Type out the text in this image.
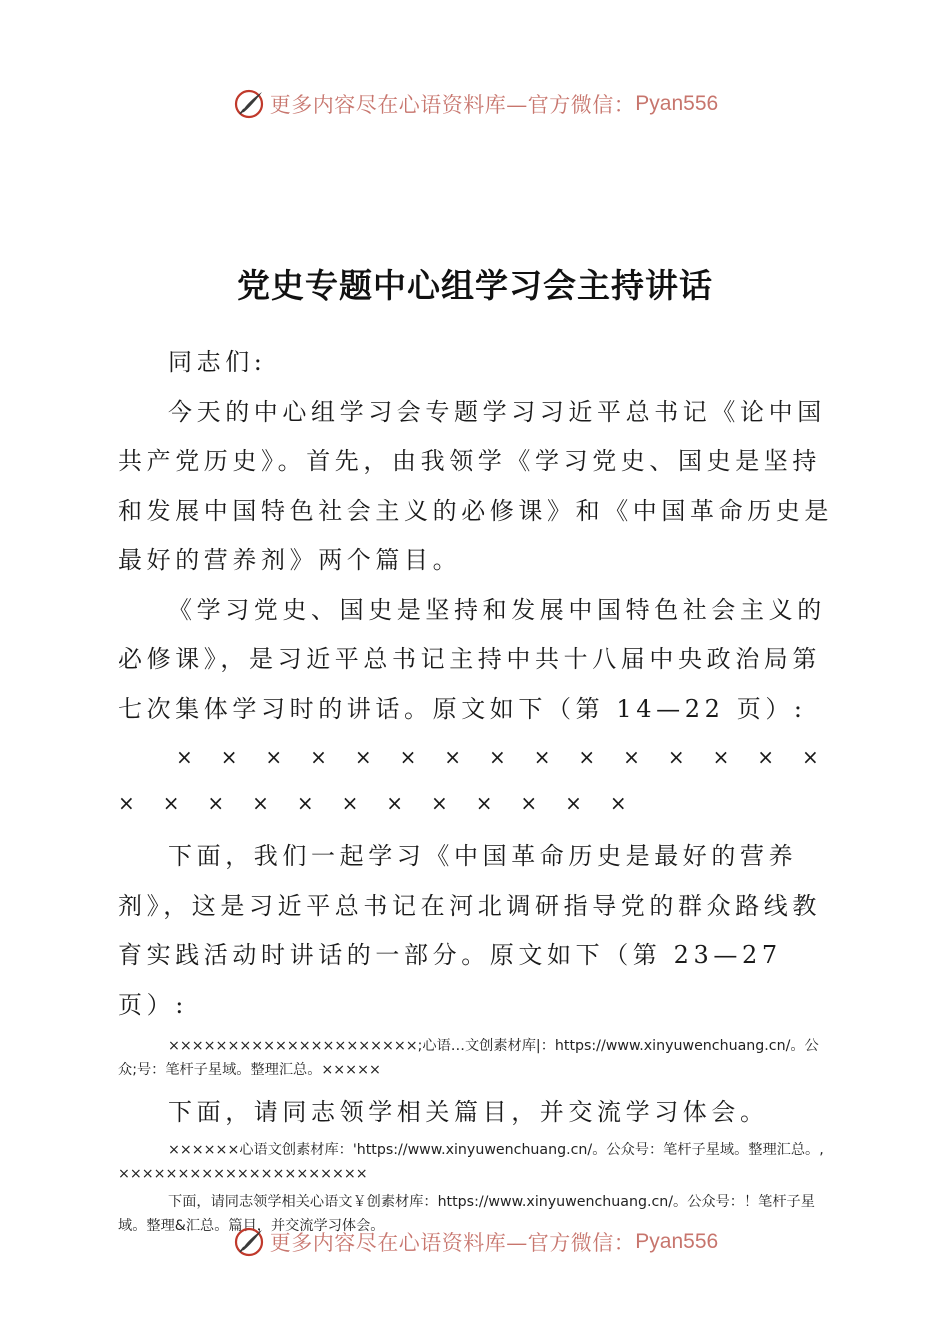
更多内容尽在心语资料库—官方微信： Pyan556
党史专题中心组学习会主持讲话

同志们:

今天的中心组学习会专题学习习近平总书记《论中国共产党历史》。首先，由我领学《学习党史、国史是坚持和发展中国特色社会主义的必修课》和《中国革命历史是最好的营养剂》两个篇目。

《学习党史、国史是坚持和发展中国特色社会主义的必修课》，是习近平总书记主持中共十八届中央政治局第七次集体学习时的讲话。原文如下（第 14—22 页）:

× × × × × × × × × × × × × × × × × × × × × × × × × × ×

下面，我们一起学习《中国革命历史是最好的营养剂》，这是习近平总书记在河北调研指导党的群众路线教育实践活动时讲话的一部分。原文如下（第 23—27 页）:

×××××××××××××××××××××;心语…文创素材库|：https://www.xinyuwenchuang.cn/。公众;号：笔杆子星域。整理汇总。×××××

下面，请同志领学相关篇目，并交流学习体会。

××××××心语文创素材库：'https://www.xinyuwenchuang.cn/。公众号：笔杆子星域。整理汇总。,×××××××××××××××××××××

下面，请同志领学相关心语文￥创素材库：https://www.xinyuwenchuang.cn/。公众号：！笔杆子星域。整理&汇总。篇目，并交流学习体会。

更多内容尽在心语资料库—官方微信： Pyan556
